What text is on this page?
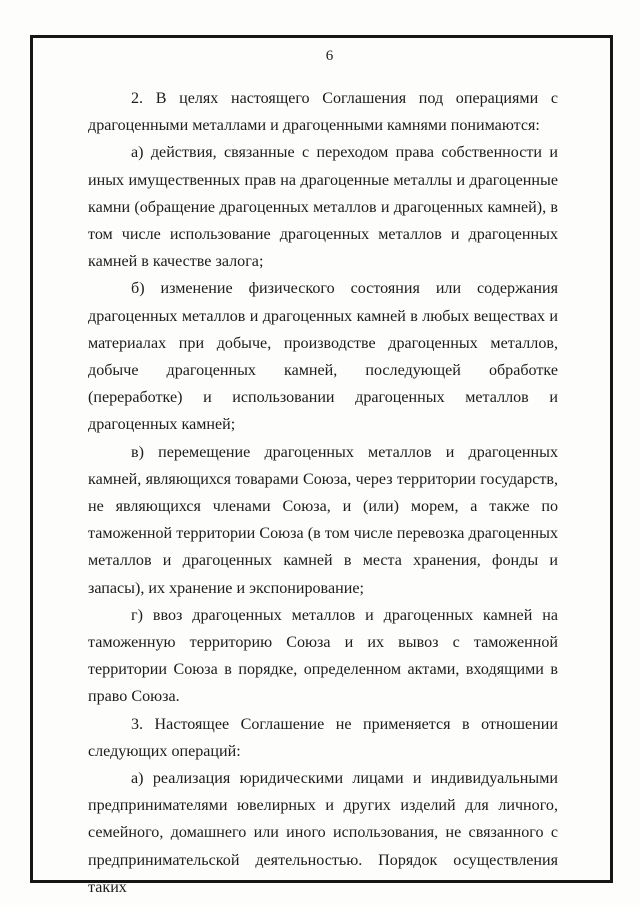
6

2. В целях настоящего Соглашения под операциями с драгоценными металлами и драгоценными камнями понимаются:

а) действия, связанные с переходом права собственности и иных имущественных прав на драгоценные металлы и драгоценные камни (обращение драгоценных металлов и драгоценных камней), в том числе использование драгоценных металлов и драгоценных камней в качестве залога;

б) изменение физического состояния или содержания драгоценных металлов и драгоценных камней в любых веществах и материалах при добыче, производстве драгоценных металлов, добыче драгоценных камней, последующей обработке (переработке) и использовании драгоценных металлов и драгоценных камней;

в) перемещение драгоценных металлов и драгоценных камней, являющихся товарами Союза, через территории государств, не являющихся членами Союза, и (или) морем, а также по таможенной территории Союза (в том числе перевозка драгоценных металлов и драгоценных камней в места хранения, фонды и запасы), их хранение и экспонирование;

г) ввоз драгоценных металлов и драгоценных камней на таможенную территорию Союза и их вывоз с таможенной территории Союза в порядке, определенном актами, входящими в право Союза.

3. Настоящее Соглашение не применяется в отношении следующих операций:

а) реализация юридическими лицами и индивидуальными предпринимателями ювелирных и других изделий для личного, семейного, домашнего или иного использования, не связанного с предпринимательской деятельностью. Порядок осуществления таких
